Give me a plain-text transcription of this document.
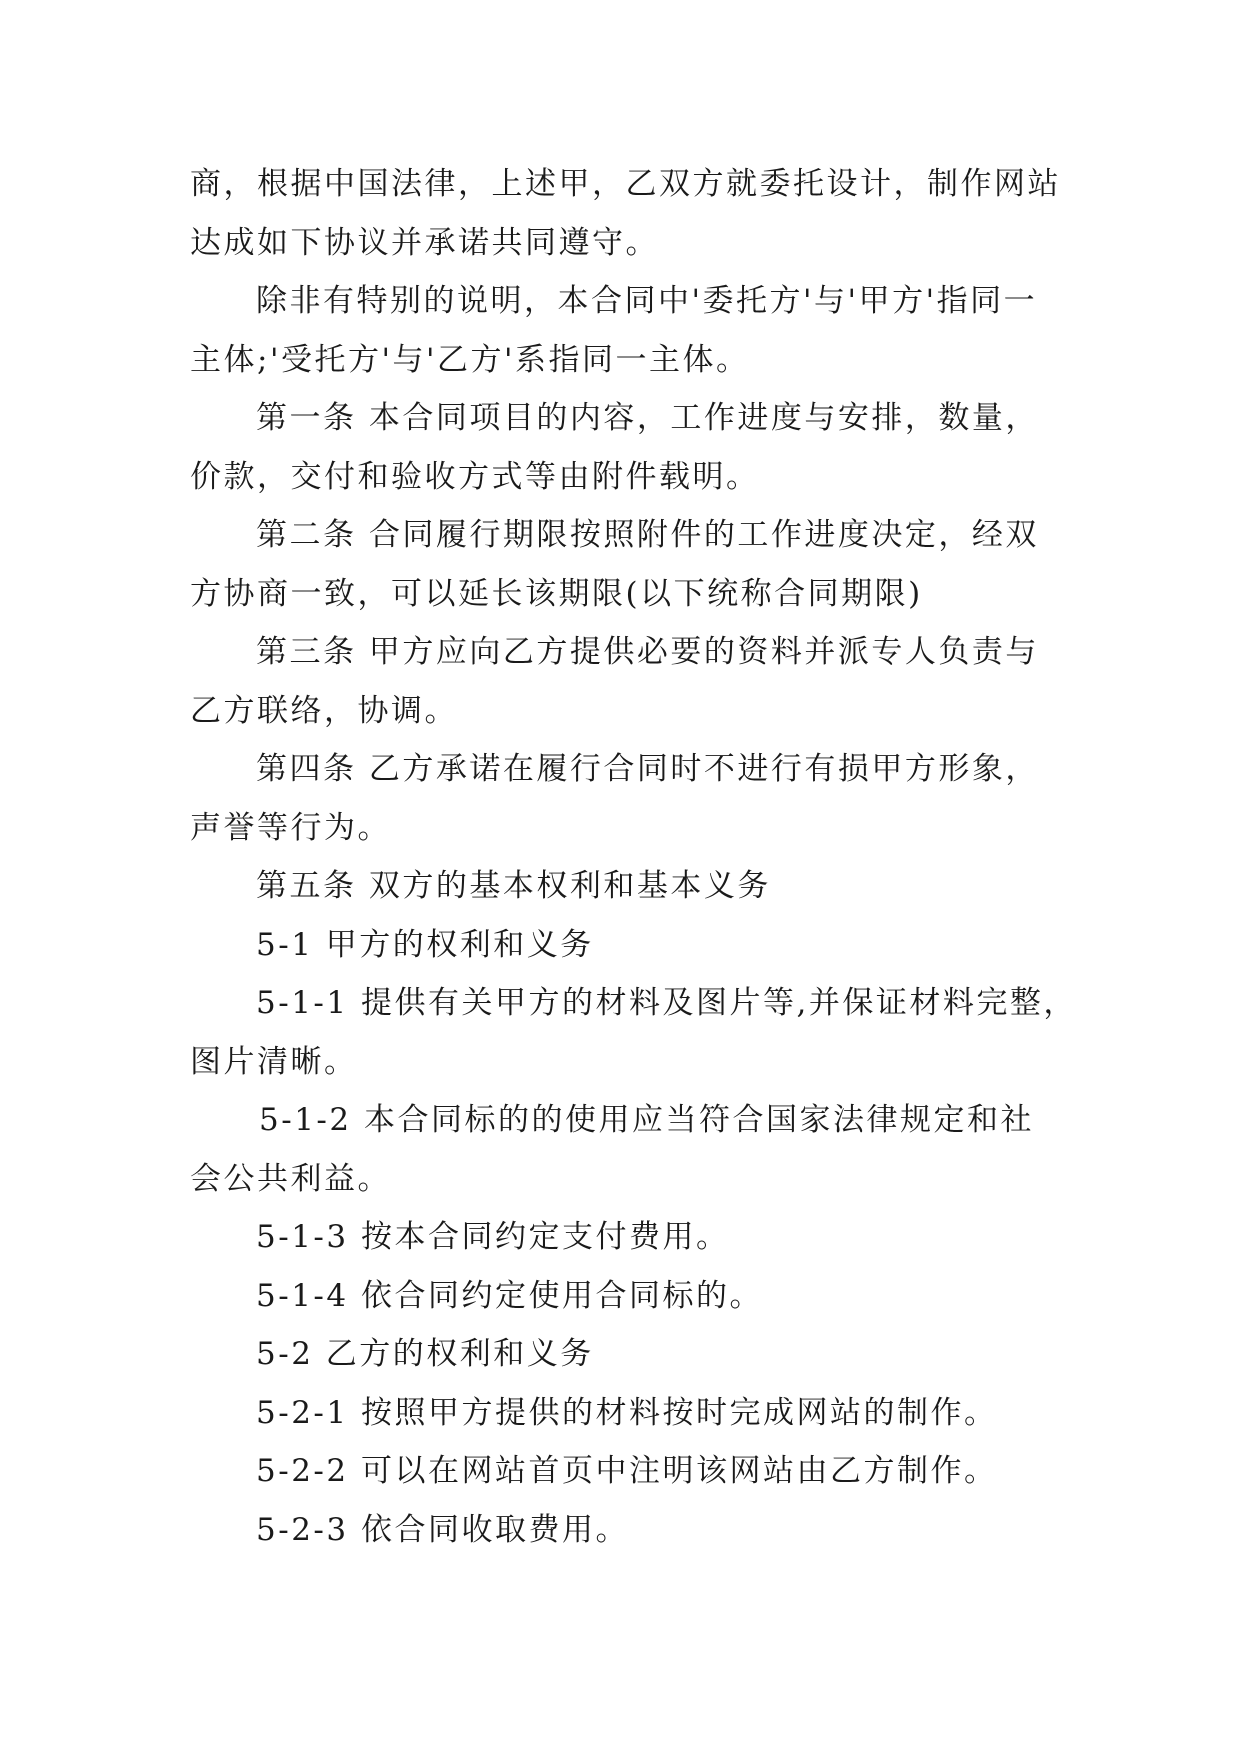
商，根据中国法律，上述甲，乙双方就委托设计，制作网站
达成如下协议并承诺共同遵守。
除非有特别的说明，本合同中'委托方'与'甲方'指同一
主体;'受托方'与'乙方'系指同一主体。
第一条 本合同项目的内容，工作进度与安排，数量，
价款，交付和验收方式等由附件载明。
第二条 合同履行期限按照附件的工作进度决定，经双
方协商一致，可以延长该期限(以下统称合同期限)
第三条 甲方应向乙方提供必要的资料并派专人负责与
乙方联络，协调。
第四条 乙方承诺在履行合同时不进行有损甲方形象，
声誉等行为。
第五条 双方的基本权利和基本义务
5-1 甲方的权利和义务
5-1-1 提供有关甲方的材料及图片等,并保证材料完整，
图片清晰。
5-1-2 本合同标的的使用应当符合国家法律规定和社
会公共利益。
5-1-3 按本合同约定支付费用。
5-1-4 依合同约定使用合同标的。
5-2 乙方的权利和义务
5-2-1 按照甲方提供的材料按时完成网站的制作。
5-2-2 可以在网站首页中注明该网站由乙方制作。
5-2-3 依合同收取费用。
